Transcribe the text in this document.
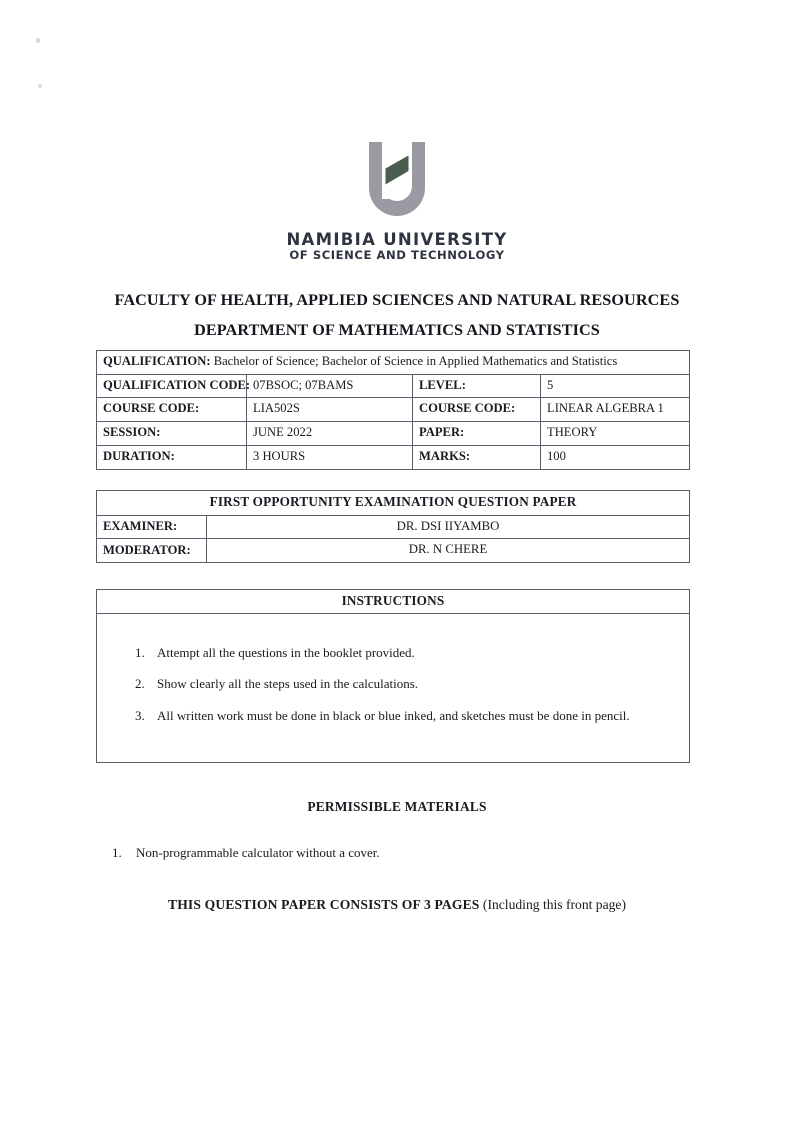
NAMIBIA UNIVERSITY
OF SCIENCE AND TECHNOLOGY
FACULTY OF HEALTH, APPLIED SCIENCES AND NATURAL RESOURCES
DEPARTMENT OF MATHEMATICS AND STATISTICS
QUALIFICATION: Bachelor of Science; Bachelor of Science in Applied Mathematics and Statistics			
QUALIFICATION CODE:	07BSOC; 07BAMS	LEVEL:	5
COURSE CODE:	LIA502S	COURSE CODE:	LINEAR ALGEBRA 1
SESSION:	JUNE 2022	PAPER:	THEORY
DURATION:	3 HOURS	MARKS:	100
FIRST OPPORTUNITY EXAMINATION QUESTION PAPER	
EXAMINER:	DR. DSI IIYAMBO
MODERATOR:	DR. N CHERE
INSTRUCTIONS
Attempt all the questions in the booklet provided.
Show clearly all the steps used in the calculations.
All written work must be done in black or blue inked, and sketches must be done in pencil.
PERMISSIBLE MATERIALS
Non-programmable calculator without a cover.
THIS QUESTION PAPER CONSISTS OF 3 PAGES (Including this front page)
